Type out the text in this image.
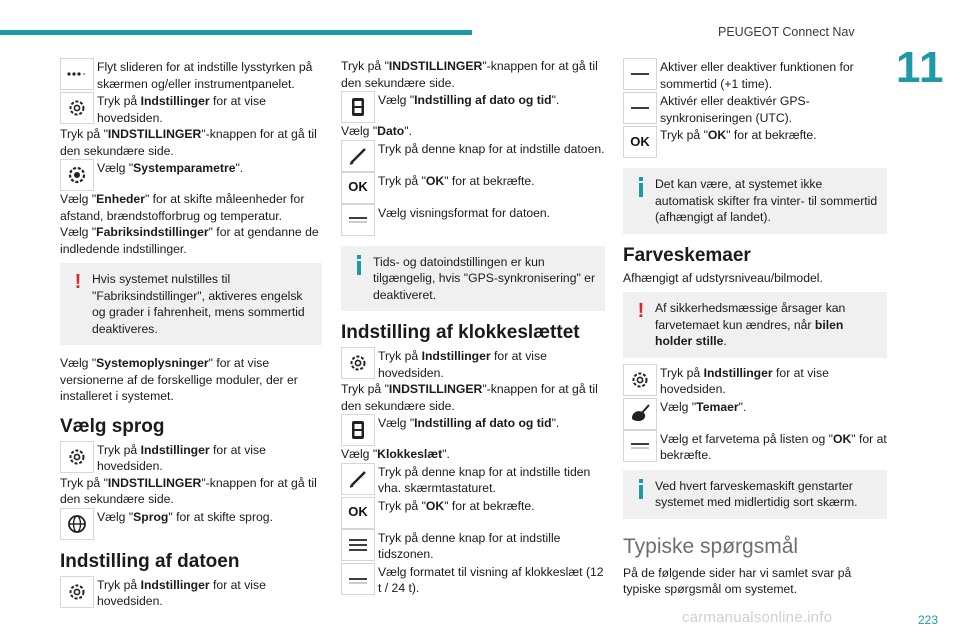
PEUGEOT Connect Nav
11
Flyt slideren for at indstille lysstyrken på skærmen og/eller instrumentpanelet.
Tryk på Indstillinger for at vise hovedsiden.

Tryk på "INDSTILLINGER"-knappen for at gå til den sekundære side.

Vælg "Systemparametre".

Vælg "Enheder" for at skifte måleenheder for afstand, brændstofforbrug og temperatur.

Vælg "Fabriksindstillinger" for at gendanne de indledende indstillinger.

! Hvis systemet nulstilles til "Fabriksindstillinger", aktiveres engelsk og grader i fahrenheit, mens sommertid deaktiveres.

Vælg "Systemoplysninger" for at vise versionerne af de forskellige moduler, der er installeret i systemet.

Vælg sprog
Tryk på Indstillinger for at vise hovedsiden.

Tryk på "INDSTILLINGER"-knappen for at gå til den sekundære side.

Vælg "Sprog" for at skifte sprog.
Indstilling af datoen
Tryk på Indstillinger for at vise hovedsiden.

Tryk på "INDSTILLINGER"-knappen for at gå til den sekundære side.

Vælg "Indstilling af dato og tid".

Vælg "Dato".

Tryk på denne knap for at indstille datoen.
OK Tryk på "OK" for at bekræfte.
Vælg visningsformat for datoen.
Tids- og datoindstillingen er kun tilgængelig, hvis "GPS-synkronisering" er deaktiveret.
Indstilling af klokkeslættet
Tryk på Indstillinger for at vise hovedsiden.

Tryk på "INDSTILLINGER"-knappen for at gå til den sekundære side.

Vælg "Indstilling af dato og tid".

Vælg "Klokkeslæt".

Tryk på denne knap for at indstille tiden vha. skærmtastaturet.
OK Tryk på "OK" for at bekræfte.
Tryk på denne knap for at indstille tidszonen.
Vælg formatet til visning af klokkeslæt (12 t / 24 t).
Aktiver eller deaktiver funktionen for sommertid (+1 time).
Aktivér eller deaktivér GPS-synkroniseringen (UTC).
OK Tryk på "OK" for at bekræfte.
Det kan være, at systemet ikke automatisk skifter fra vinter- til sommertid (afhængigt af landet).
Farveskemaer

Afhængigt af udstyrsniveau/bilmodel.

! Af sikkerhedsmæssige årsager kan farvetemaet kun ændres, når bilen holder stille.
Tryk på Indstillinger for at vise hovedsiden.
Vælg "Temaer".
Vælg et farvetema på listen og "OK" for at bekræfte.
Ved hvert farveskemaskift genstarter systemet med midlertidig sort skærm.
Typiske spørgsmål

På de følgende sider har vi samlet svar på typiske spørgsmål om systemet.

carmanualsonline.info	223
